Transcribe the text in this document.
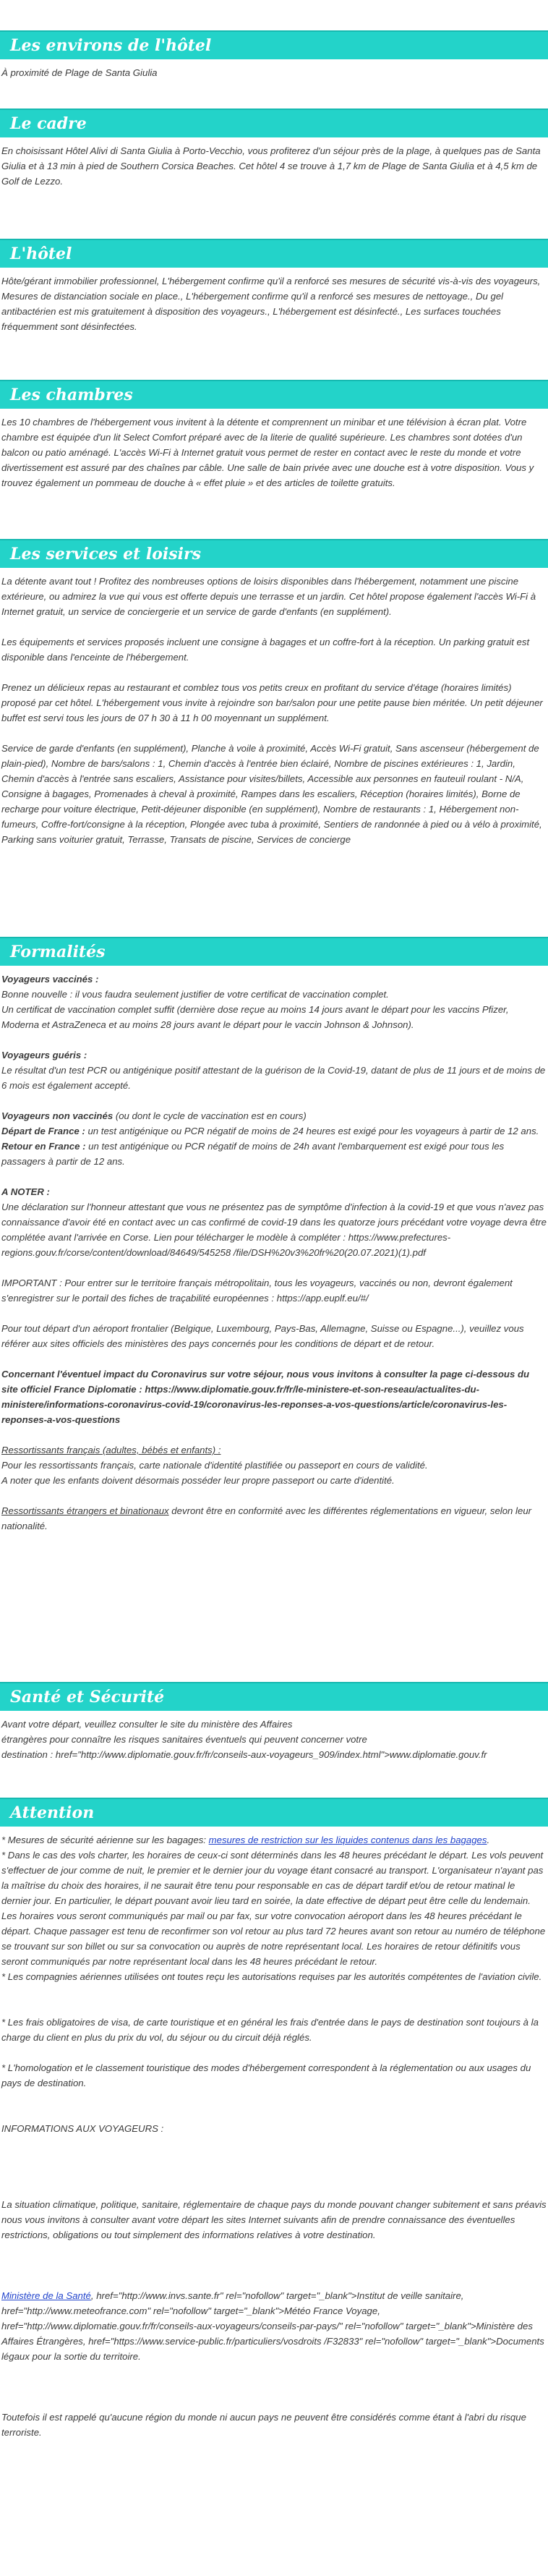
Les environs de l'hôtel

À proximité de Plage de Santa Giulia

Le cadre

En choisissant Hôtel Alivi di Santa Giulia à Porto-Vecchio, vous profiterez d'un séjour près de la plage, à quelques pas de Santa Giulia et à 13 min à pied de Southern Corsica Beaches. Cet hôtel 4 se trouve à 1,7 km de Plage de Santa Giulia et à 4,5 km de Golf de Lezzo.

L'hôtel

Hôte/gérant immobilier professionnel, L'hébergement confirme qu'il a renforcé ses mesures de sécurité vis-à-vis des voyageurs, Mesures de distanciation sociale en place., L'hébergement confirme qu'il a renforcé ses mesures de nettoyage., Du gel antibactérien est mis gratuitement à disposition des voyageurs., L'hébergement est désinfecté., Les surfaces touchées fréquemment sont désinfectées.

Les chambres

Les 10 chambres de l'hébergement vous invitent à la détente et comprennent un minibar et une télévision à écran plat. Votre chambre est équipée d'un lit Select Comfort préparé avec de la literie de qualité supérieure. Les chambres sont dotées d'un balcon ou patio aménagé. L'accès Wi-Fi à Internet gratuit vous permet de rester en contact avec le reste du monde et votre divertissement est assuré par des chaînes par câble. Une salle de bain privée avec une douche est à votre disposition. Vous y trouvez également un pommeau de douche à « effet pluie » et des articles de toilette gratuits.

Les services et loisirs

La détente avant tout ! Profitez des nombreuses options de loisirs disponibles dans l'hébergement, notamment une piscine extérieure, ou admirez la vue qui vous est offerte depuis une terrasse et un jardin. Cet hôtel propose également l'accès Wi-Fi à Internet gratuit, un service de conciergerie et un service de garde d'enfants (en supplément).

Les équipements et services proposés incluent une consigne à bagages et un coffre-fort à la réception. Un parking gratuit est disponible dans l'enceinte de l'hébergement.

Prenez un délicieux repas au restaurant et comblez tous vos petits creux en profitant du service d'étage (horaires limités) proposé par cet hôtel. L'hébergement vous invite à rejoindre son bar/salon pour une petite pause bien méritée. Un petit déjeuner buffet est servi tous les jours de 07 h 30 à 11 h 00 moyennant un supplément.

Service de garde d'enfants (en supplément), Planche à voile à proximité, Accès Wi-Fi gratuit, Sans ascenseur (hébergement de plain-pied), Nombre de bars/salons : 1, Chemin d'accès à l'entrée bien éclairé, Nombre de piscines extérieures : 1, Jardin, Chemin d'accès à l'entrée sans escaliers, Assistance pour visites/billets, Accessible aux personnes en fauteuil roulant - N/A, Consigne à bagages, Promenades à cheval à proximité, Rampes dans les escaliers, Réception (horaires limités), Borne de recharge pour voiture électrique, Petit-déjeuner disponible (en supplément), Nombre de restaurants : 1, Hébergement non-fumeurs, Coffre-fort/consigne à la réception, Plongée avec tuba à proximité, Sentiers de randonnée à pied ou à vélo à proximité, Parking sans voiturier gratuit, Terrasse, Transats de piscine, Services de concierge

Formalités

Voyageurs vaccinés :
Bonne nouvelle : il vous faudra seulement justifier de votre certificat de vaccination complet.
Un certificat de vaccination complet suffit (dernière dose reçue au moins 14 jours avant le départ pour les vaccins Pfizer, Moderna et AstraZeneca et au moins 28 jours avant le départ pour le vaccin Johnson & Johnson).

Voyageurs guéris :
Le résultat d'un test PCR ou antigénique positif attestant de la guérison de la Covid-19, datant de plus de 11 jours et de moins de 6 mois est également accepté.

Voyageurs non vaccinés (ou dont le cycle de vaccination est en cours)
Départ de France : un test antigénique ou PCR négatif de moins de 24 heures est exigé pour les voyageurs à partir de 12 ans.
Retour en France : un test antigénique ou PCR négatif de moins de 24h avant l'embarquement est exigé pour tous les passagers à partir de 12 ans.

A NOTER :
Une déclaration sur l'honneur attestant que vous ne présentez pas de symptôme d'infection à la covid-19 et que vous n'avez pas connaissance d'avoir été en contact avec un cas confirmé de covid-19 dans les quatorze jours précédant votre voyage devra être complétée avant l'arrivée en Corse. Lien pour télécharger le modèle à compléter : https://www.prefectures-regions.gouv.fr/corse/content/download/84649/545258 /file/DSH%20v3%20fr%20(20.07.2021)(1).pdf

IMPORTANT : Pour entrer sur le territoire français métropolitain, tous les voyageurs, vaccinés ou non, devront également s'enregistrer sur le portail des fiches de traçabilité européennes : https://app.euplf.eu/#/

Pour tout départ d'un aéroport frontalier (Belgique, Luxembourg, Pays-Bas, Allemagne, Suisse ou Espagne...), veuillez vous référer aux sites officiels des ministères des pays concernés pour les conditions de départ et de retour.

Concernant l'éventuel impact du Coronavirus sur votre séjour, nous vous invitons à consulter la page ci-dessous du site officiel France Diplomatie : https://www.diplomatie.gouv.fr/fr/le-ministere-et-son-reseau/actualites-du-ministere/informations-coronavirus-covid-19/coronavirus-les-reponses-a-vos-questions/article/coronavirus-les-reponses-a-vos-questions

Ressortissants français (adultes, bébés et enfants) :
Pour les ressortissants français, carte nationale d'identité plastifiée ou passeport en cours de validité.
A noter que les enfants doivent désormais posséder leur propre passeport ou carte d'identité.

Ressortissants étrangers et binationaux devront être en conformité avec les différentes réglementations en vigueur, selon leur nationalité.

Santé et Sécurité

Avant votre départ, veuillez consulter le site du ministère des Affaires
étrangères pour connaître les risques sanitaires éventuels qui peuvent concerner votre
destination : href="http://www.diplomatie.gouv.fr/fr/conseils-aux-voyageurs_909/index.html">www.diplomatie.gouv.fr

Attention
* Mesures de sécurité aérienne sur les bagages: mesures de restriction sur les liquides contenus dans les bagages.
* Dans le cas des vols charter, les horaires de ceux-ci sont déterminés dans les 48 heures précédant le départ. Les vols peuvent s'effectuer de jour comme de nuit, le premier et le dernier jour du voyage étant consacré au transport. L'organisateur n'ayant pas la maîtrise du choix des horaires, il ne saurait être tenu pour responsable en cas de départ tardif et/ou de retour matinal le dernier jour. En particulier, le départ pouvant avoir lieu tard en soirée, la date effective de départ peut être celle du lendemain. Les horaires vous seront communiqués par mail ou par fax, sur votre convocation aéroport dans les 48 heures précédant le départ. Chaque passager est tenu de reconfirmer son vol retour au plus tard 72 heures avant son retour au numéro de téléphone se trouvant sur son billet ou sur sa convocation ou auprès de notre représentant local. Les horaires de retour définitifs vous seront communiqués par notre représentant local dans les 48 heures précédant le retour.
* Les compagnies aériennes utilisées ont toutes reçu les autorisations requises par les autorités compétentes de l'aviation civile.

* Les frais obligatoires de visa, de carte touristique et en général les frais d'entrée dans le pays de destination sont toujours à la charge du client en plus du prix du vol, du séjour ou du circuit déjà réglés.

* L'homologation et le classement touristique des modes d'hébergement correspondent à la réglementation ou aux usages du pays de destination.

INFORMATIONS AUX VOYAGEURS :

La situation climatique, politique, sanitaire, réglementaire de chaque pays du monde pouvant changer subitement et sans préavis
nous vous invitons à consulter avant votre départ les sites Internet suivants afin de prendre connaissance des éventuelles restrictions, obligations ou tout simplement des informations relatives à votre destination.

Ministère de la Santé, href="http://www.invs.sante.fr" rel="nofollow" target="_blank">Institut de veille sanitaire, href="http://www.meteofrance.com" rel="nofollow" target="_blank">Météo France Voyage, href="http://www.diplomatie.gouv.fr/fr/conseils-aux-voyageurs/conseils-par-pays/" rel="nofollow" target="_blank">Ministère des Affaires Étrangères, href="https://www.service-public.fr/particuliers/vosdroits /F32833" rel="nofollow" target="_blank">Documents légaux pour la sortie du territoire.

Toutefois il est rappelé qu'aucune région du monde ni aucun pays ne peuvent être considérés comme étant à l'abri du risque terroriste.
